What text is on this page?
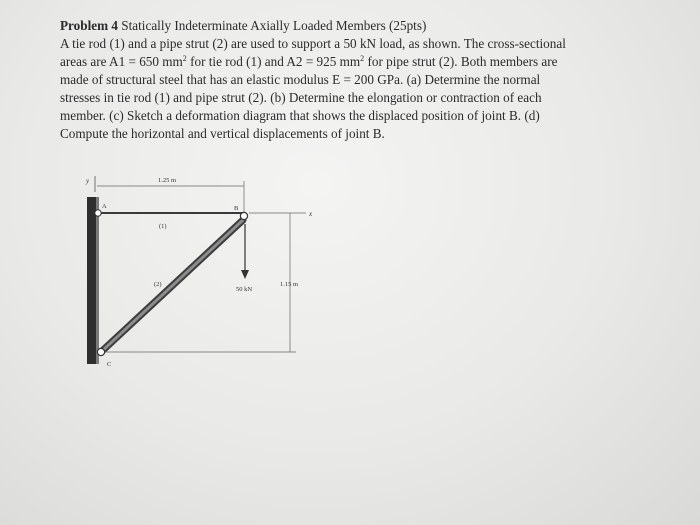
Problem 4 Statically Indeterminate Axially Loaded Members (25pts)
A tie rod (1) and a pipe strut (2) are used to support a 50 kN load, as shown. The cross-sectional
areas are A1 = 650 $mm^2$ for tie rod (1) and A2 = 925 $mm^2$ for pipe strut (2). Both members are
made of structural steel that has an elastic modulus E = 200 GPa. (a) Determine the normal
stresses in tie rod (1) and pipe strut (2). (b) Determine the elongation or contraction of each
member. (c) Sketch a deformation diagram that shows the displaced position of joint B. (d)
Compute the horizontal and vertical displacements of joint B.
y	1.25 m
x
A	B
C
(1)
(2)
50 kN
1.15 m
